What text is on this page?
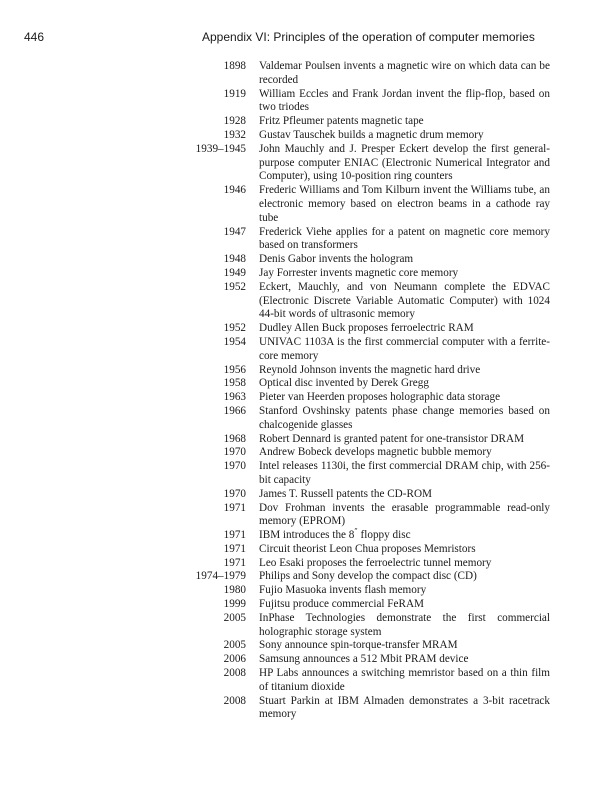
446	Appendix VI: Principles of the operation of computer memories
1898 Valdemar Poulsen invents a magnetic wire on which data can be recorded
1919 William Eccles and Frank Jordan invent the flip-flop, based on two triodes
1928 Fritz Pfleumer patents magnetic tape
1932 Gustav Tauschek builds a magnetic drum memory
1939–1945 John Mauchly and J. Presper Eckert develop the first general-purpose computer ENIAC (Electronic Numerical Integrator and Computer), using 10-position ring counters
1946 Frederic Williams and Tom Kilburn invent the Williams tube, an electronic memory based on electron beams in a cathode ray tube
1947 Frederick Viehe applies for a patent on magnetic core memory based on transformers
1948 Denis Gabor invents the hologram
1949 Jay Forrester invents magnetic core memory
1952 Eckert, Mauchly, and von Neumann complete the EDVAC (Electronic Discrete Variable Automatic Computer) with 1024 44-bit words of ultrasonic memory
1952 Dudley Allen Buck proposes ferroelectric RAM
1954 UNIVAC 1103A is the first commercial computer with a ferrite-core memory
1956 Reynold Johnson invents the magnetic hard drive
1958 Optical disc invented by Derek Gregg
1963 Pieter van Heerden proposes holographic data storage
1966 Stanford Ovshinsky patents phase change memories based on chalcogenide glasses
1968 Robert Dennard is granted patent for one-transistor DRAM
1970 Andrew Bobeck develops magnetic bubble memory
1970 Intel releases 1130i, the first commercial DRAM chip, with 256-bit capacity
1970 James T. Russell patents the CD-ROM
1971 Dov Frohman invents the erasable programmable read-only memory (EPROM)
1971 IBM introduces the 8″ floppy disc
1971 Circuit theorist Leon Chua proposes Memristors
1971 Leo Esaki proposes the ferroelectric tunnel memory
1974–1979 Philips and Sony develop the compact disc (CD)
1980 Fujio Masuoka invents flash memory
1999 Fujitsu produce commercial FeRAM
2005 InPhase Technologies demonstrate the first commercial holographic storage system
2005 Sony announce spin-torque-transfer MRAM
2006 Samsung announces a 512 Mbit PRAM device
2008 HP Labs announces a switching memristor based on a thin film of titanium dioxide
2008 Stuart Parkin at IBM Almaden demonstrates a 3-bit racetrack memory
